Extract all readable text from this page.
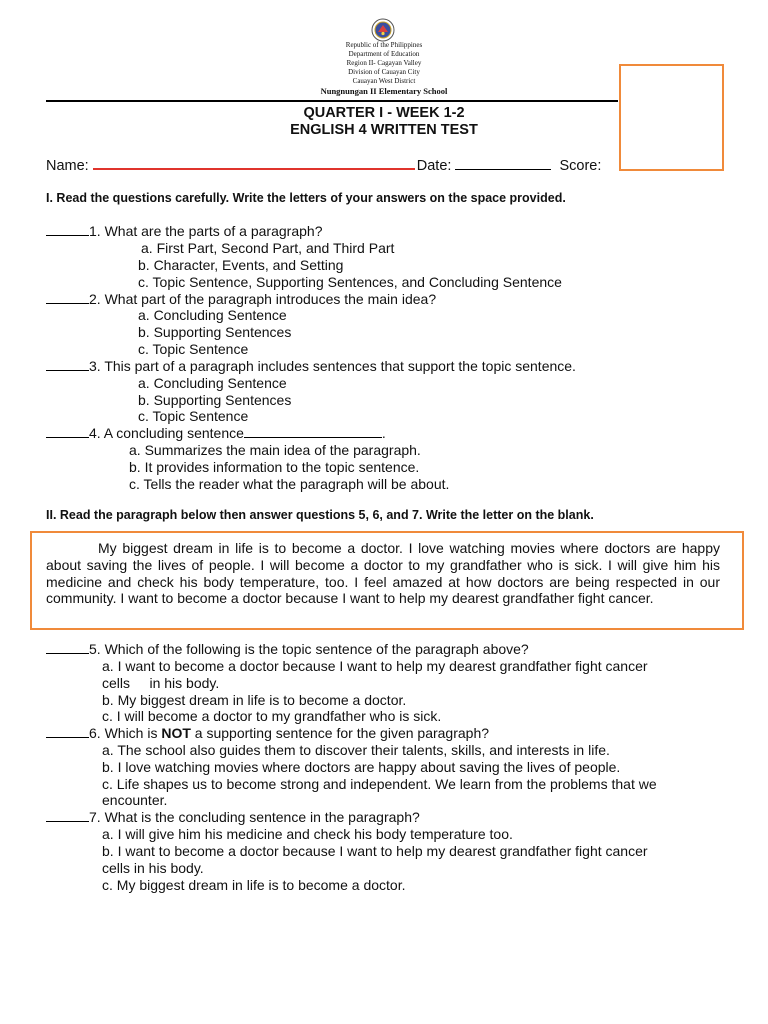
Republic of the Philippines
Department of Education
Region II- Cagayan Valley
Division of Cauayan City
Cauayan West District
Nungnungan II Elementary School
QUARTER I - WEEK 1-2
ENGLISH 4 WRITTEN TEST
Name:	Date:	Score:
I. Read the questions carefully. Write the letters of your answers on the space provided.
1. What are the parts of a paragraph?
a. First Part, Second Part, and Third Part
b. Character, Events, and Setting
c. Topic Sentence, Supporting Sentences, and Concluding Sentence
2. What part of the paragraph introduces the main idea?
a. Concluding Sentence
b. Supporting Sentences
c. Topic Sentence
3. This part of a paragraph includes sentences that support the topic sentence.
a. Concluding Sentence
b. Supporting Sentences
c. Topic Sentence
4. A concluding sentence	.
a. Summarizes the main idea of the paragraph.
b. It provides information to the topic sentence.
c. Tells the reader what the paragraph will be about.
II. Read the paragraph below then answer questions 5, 6, and 7. Write the letter on the blank.
My biggest dream in life is to become a doctor. I love watching movies where doctors are happy about saving the lives of people. I will become a doctor to my grandfather who is sick. I will give him his medicine and check his body temperature, too. I feel amazed at how doctors are being respected in our community. I want to become a doctor because I want to help my dearest grandfather fight cancer.
5. Which of the following is the topic sentence of the paragraph above?
a. I want to become a doctor because I want to help my dearest grandfather fight cancer
cells     in his body.
b. My biggest dream in life is to become a doctor.
c. I will become a doctor to my grandfather who is sick.
6. Which is NOT a supporting sentence for the given paragraph?
a. The school also guides them to discover their talents, skills, and interests in life.
b. I love watching movies where doctors are happy about saving the lives of people.
c. Life shapes us to become strong and independent. We learn from the problems that we
encounter.
7. What is the concluding sentence in the paragraph?
a. I will give him his medicine and check his body temperature too.
b. I want to become a doctor because I want to help my dearest grandfather fight cancer
cells in his body.
c. My biggest dream in life is to become a doctor.
